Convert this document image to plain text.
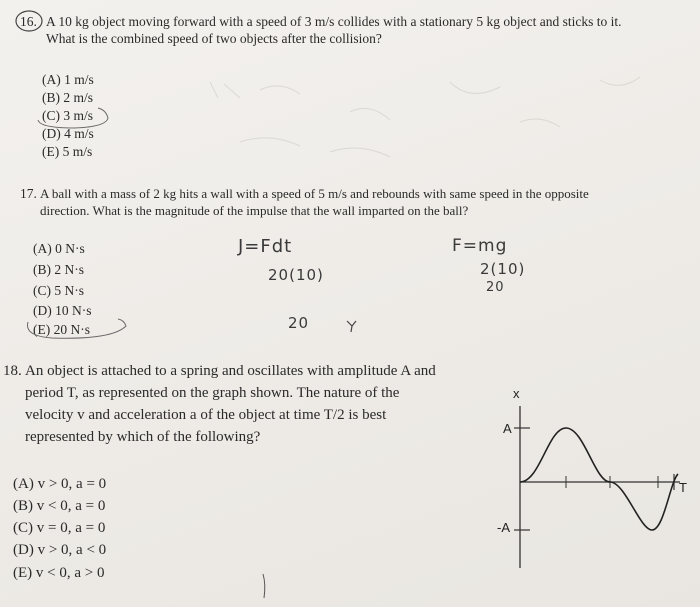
16. A 10 kg object moving forward with a speed of 3 m/s collides with a stationary 5 kg object and sticks to it.
What is the combined speed of two objects after the collision?
(A) 1 m/s
(B) 2 m/s
(C) 3 m/s
(D) 4 m/s
(E) 5 m/s
17. A ball with a mass of 2 kg hits a wall with a speed of 5 m/s and rebounds with same speed in the opposite
direction. What is the magnitude of the impulse that the wall imparted on the ball?
(A) 0 N·s
(B) 2 N·s
(C) 5 N·s
(D) 10 N·s
(E) 20 N·s
J=Fdt
20(10)
20
F=mg
2(10)
20
18. An object is attached to a spring and oscillates with amplitude A and
period T, as represented on the graph shown. The nature of the
velocity v and acceleration a of the object at time T/2 is best
represented by which of the following?
(A) v > 0, a = 0
(B) v < 0, a = 0
(C) v = 0, a = 0
(D) v > 0, a < 0
(E) v < 0, a > 0
x
A
-A
T
